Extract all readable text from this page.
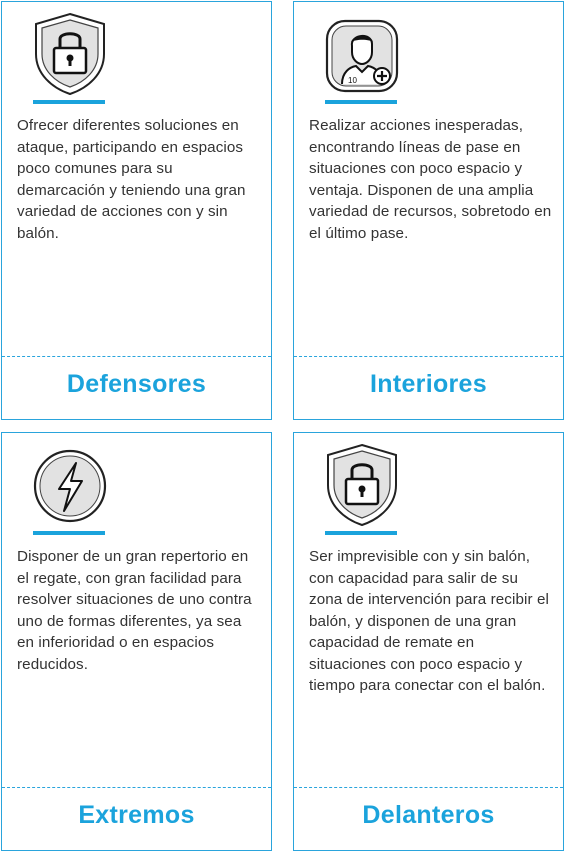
Ofrecer diferentes soluciones en ataque, participando en espacios poco comunes para su demarcación y teniendo una gran variedad de acciones con y sin balón.

Defensores
10

Realizar acciones inesperadas, encontrando líneas de pase en situaciones con poco espacio y ventaja. Disponen de una amplia variedad de recursos, sobretodo en el último pase.

Interiores

Disponer de un gran repertorio en el regate, con gran facilidad para resolver situaciones de uno contra uno de formas diferentes, ya sea en inferioridad o en espacios reducidos.

Extremos

Ser imprevisible con y sin balón, con capacidad para salir de su zona de intervención para recibir el balón, y disponen de una gran capacidad de remate en situaciones con poco espacio y tiempo para conectar con el balón.

Delanteros
